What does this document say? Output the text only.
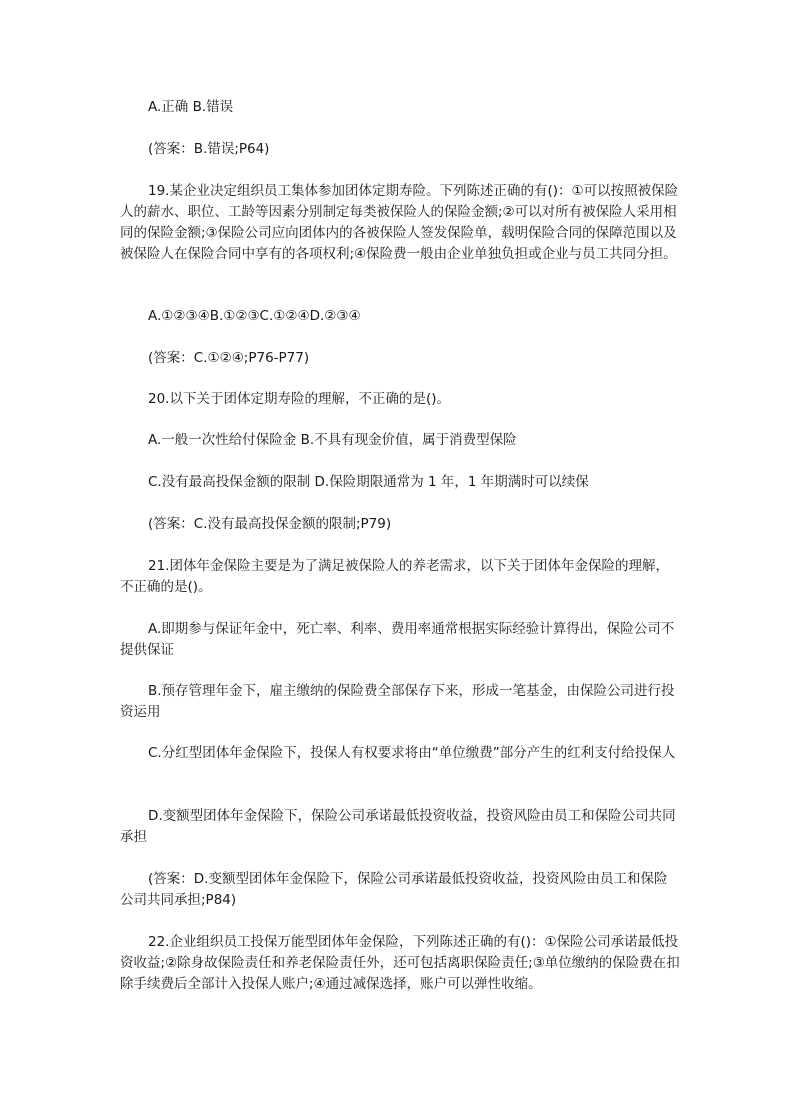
A.正确 B.错误

(答案：B.错误;P64)

19.某企业决定组织员工集体参加团体定期寿险。下列陈述正确的有()：①可以按照被保险人的薪水、职位、工龄等因素分别制定每类被保险人的保险金额;②可以对所有被保险人采用相同的保险金额;③保险公司应向团体内的各被保险人签发保险单，载明保险合同的保障范围以及被保险人在保险合同中享有的各项权利;④保险费一般由企业单独负担或企业与员工共同分担。

A.①②③④B.①②③C.①②④D.②③④

(答案：C.①②④;P76-P77)

20.以下关于团体定期寿险的理解，不正确的是()。

A.一般一次性给付保险金 B.不具有现金价值，属于消费型保险

C.没有最高投保金额的限制 D.保险期限通常为 1 年，1 年期满时可以续保

(答案：C.没有最高投保金额的限制;P79)

21.团体年金保险主要是为了满足被保险人的养老需求，以下关于团体年金保险的理解，不正确的是()。

A.即期参与保证年金中，死亡率、利率、费用率通常根据实际经验计算得出，保险公司不提供保证

B.预存管理年金下，雇主缴纳的保险费全部保存下来，形成一笔基金，由保险公司进行投资运用

C.分红型团体年金保险下，投保人有权要求将由“单位缴费”部分产生的红利支付给投保人

D.变额型团体年金保险下，保险公司承诺最低投资收益，投资风险由员工和保险公司共同承担

(答案：D.变额型团体年金保险下，保险公司承诺最低投资收益，投资风险由员工和保险公司共同承担;P84)

22.企业组织员工投保万能型团体年金保险，下列陈述正确的有()：①保险公司承诺最低投资收益;②除身故保险责任和养老保险责任外，还可包括离职保险责任;③单位缴纳的保险费在扣除手续费后全部计入投保人账户;④通过减保选择，账户可以弹性收缩。
